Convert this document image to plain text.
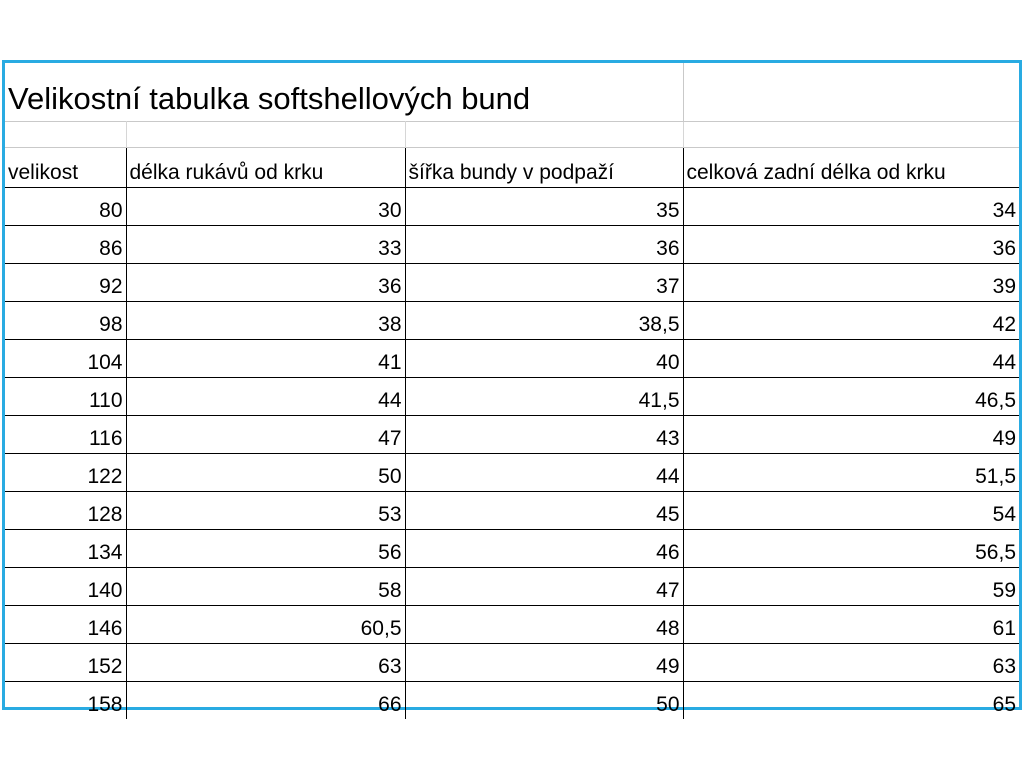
Velikostní tabulka softshellových bund			

velikost	délka rukávů od krku	šířka bundy v podpaží	celková zadní délka od krku
80	30	35	34
86	33	36	36
92	36	37	39
98	38	38,5	42
104	41	40	44
110	44	41,5	46,5
116	47	43	49
122	50	44	51,5
128	53	45	54
134	56	46	56,5
140	58	47	59
146	60,5	48	61
152	63	49	63
158	66	50	65
